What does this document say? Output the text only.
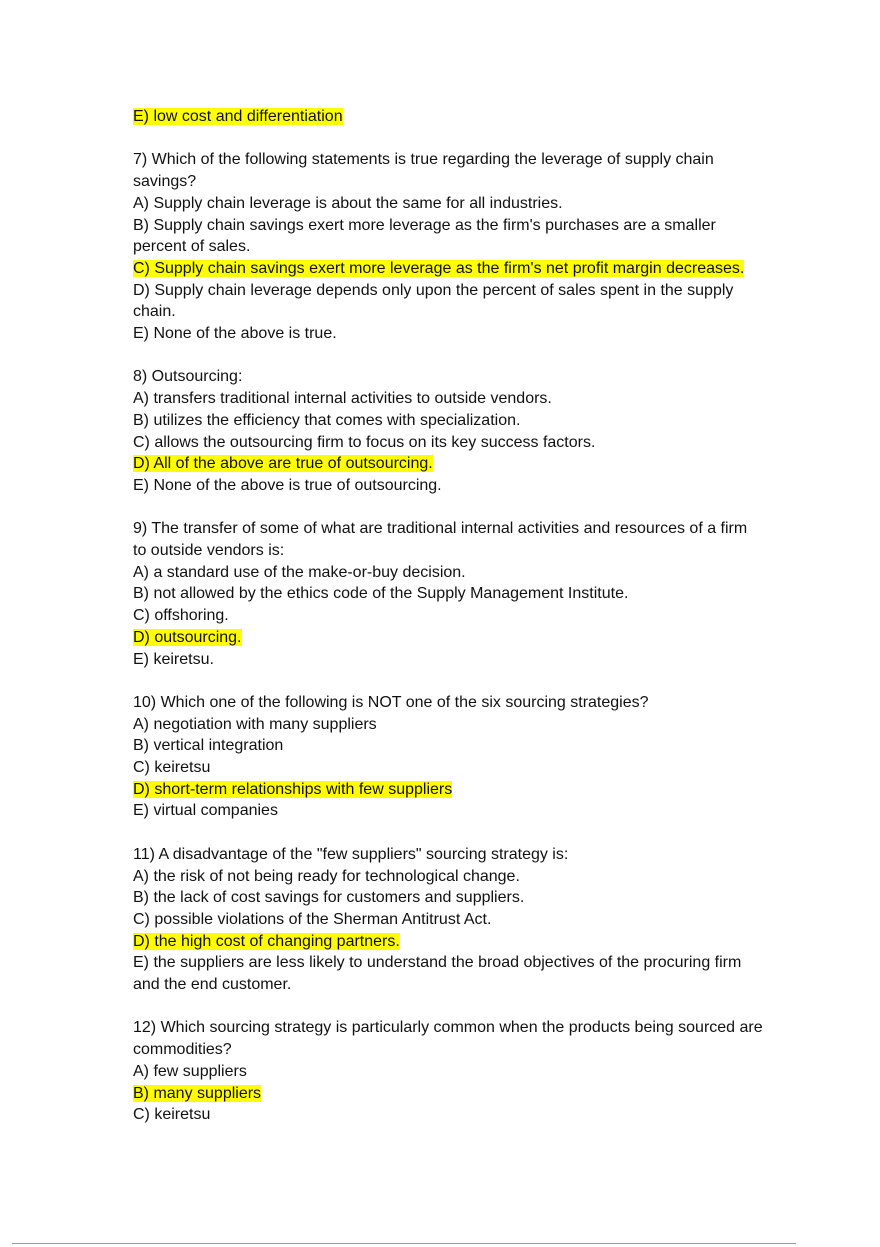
E) low cost and differentiation
7) Which of the following statements is true regarding the leverage of supply chain savings?
A) Supply chain leverage is about the same for all industries.
B) Supply chain savings exert more leverage as the firm's purchases are a smaller percent of sales.
C) Supply chain savings exert more leverage as the firm's net profit margin decreases.
D) Supply chain leverage depends only upon the percent of sales spent in the supply chain.
E) None of the above is true.
8) Outsourcing:
A) transfers traditional internal activities to outside vendors.
B) utilizes the efficiency that comes with specialization.
C) allows the outsourcing firm to focus on its key success factors.
D) All of the above are true of outsourcing.
E) None of the above is true of outsourcing.
9) The transfer of some of what are traditional internal activities and resources of a firm to outside vendors is:
A) a standard use of the make-or-buy decision.
B) not allowed by the ethics code of the Supply Management Institute.
C) offshoring.
D) outsourcing.
E) keiretsu.
10) Which one of the following is NOT one of the six sourcing strategies?
A) negotiation with many suppliers
B) vertical integration
C) keiretsu
D) short-term relationships with few suppliers
E) virtual companies
11) A disadvantage of the "few suppliers" sourcing strategy is:
A) the risk of not being ready for technological change.
B) the lack of cost savings for customers and suppliers.
C) possible violations of the Sherman Antitrust Act.
D) the high cost of changing partners.
E) the suppliers are less likely to understand the broad objectives of the procuring firm and the end customer.
12) Which sourcing strategy is particularly common when the products being sourced are commodities?
A) few suppliers
B) many suppliers
C) keiretsu
